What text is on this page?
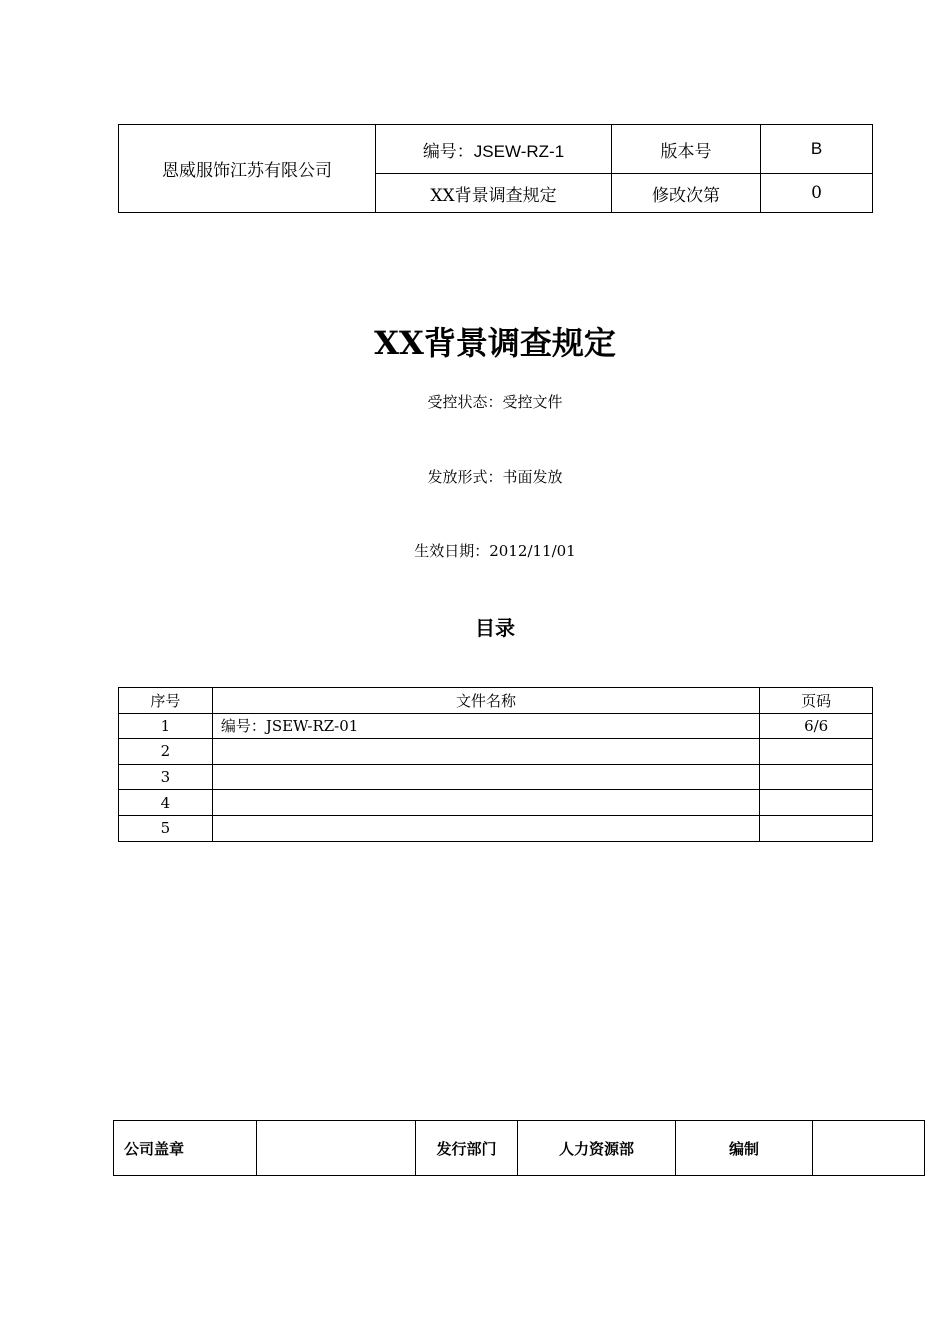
恩威服饰江苏有限公司	编号：JSEW-RZ-1	版本号	B
	XX背景调查规定	修改次第	0
XX背景调查规定
受控状态：受控文件
发放形式：书面发放
生效日期：2012/11/01
目录
序号	文件名称	页码
1	编号：JSEW-RZ-01	6/6
2		
3		
4		
5		
公司盖章		发行部门	人力资源部	编制	
